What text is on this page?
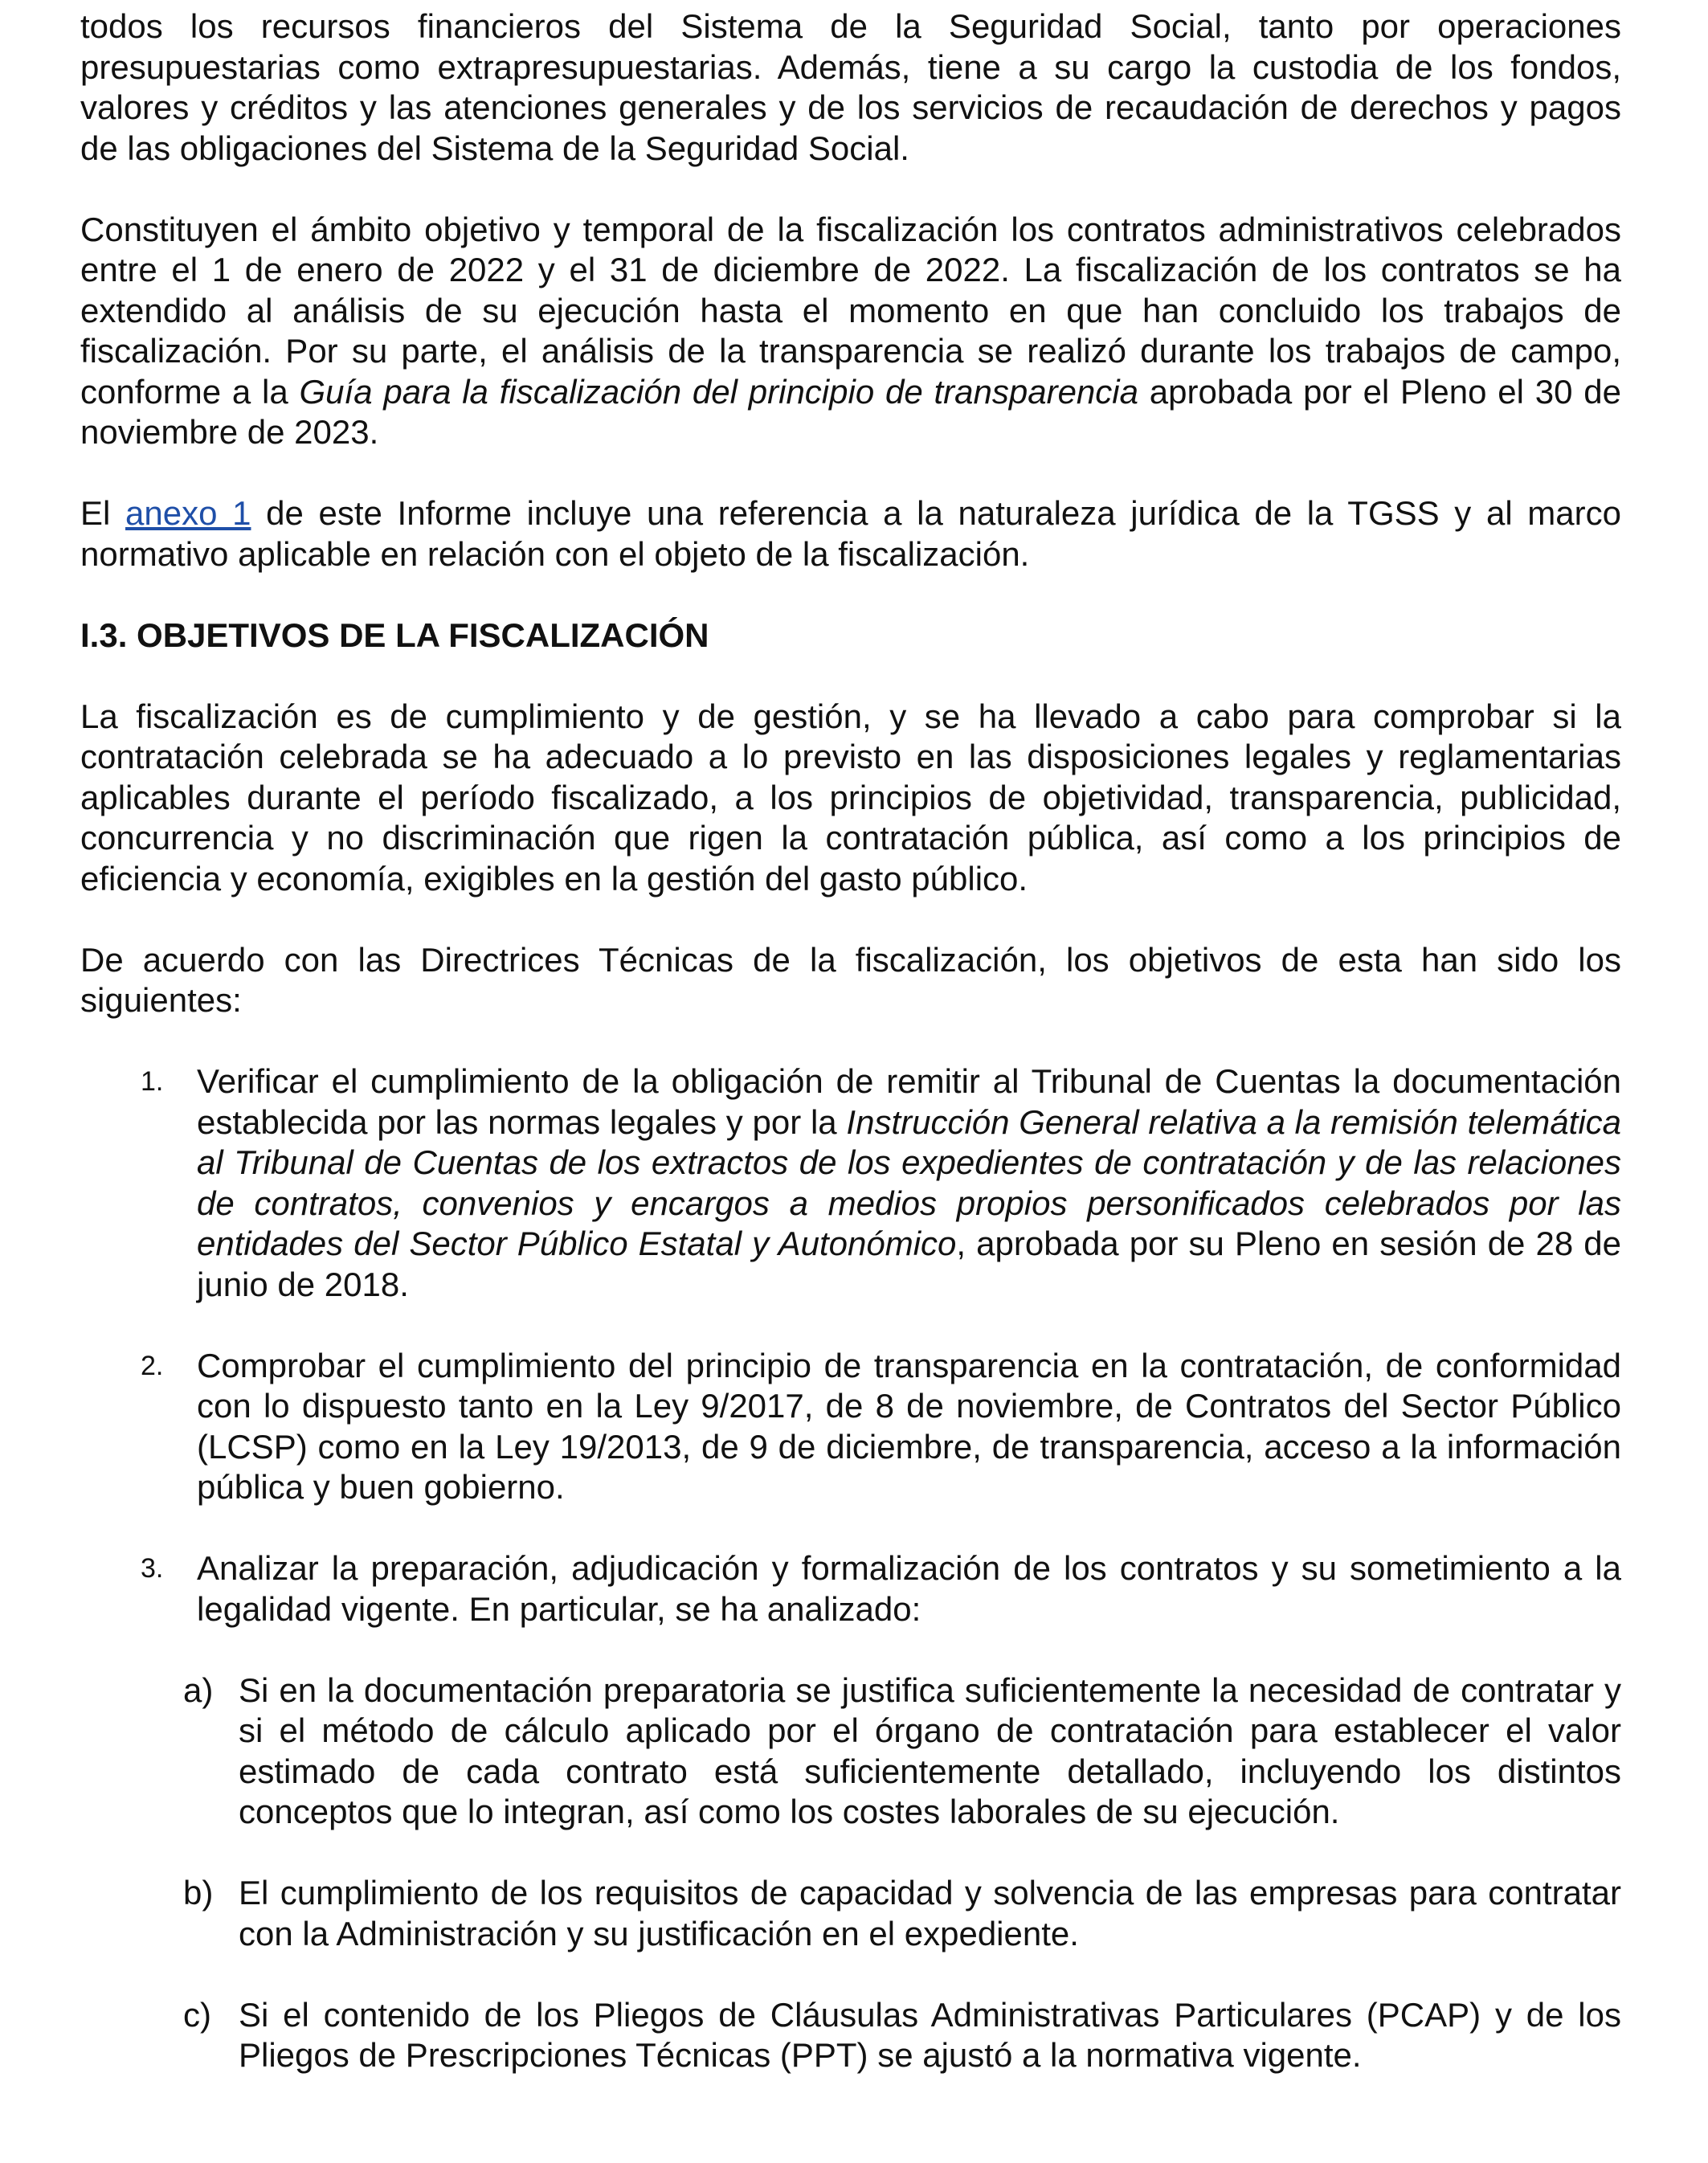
todos los recursos financieros del Sistema de la Seguridad Social, tanto por operaciones presupuestarias como extrapresupuestarias. Además, tiene a su cargo la custodia de los fondos, valores y créditos y las atenciones generales y de los servicios de recaudación de derechos y pagos de las obligaciones del Sistema de la Seguridad Social.

Constituyen el ámbito objetivo y temporal de la fiscalización los contratos administrativos celebrados entre el 1 de enero de 2022 y el 31 de diciembre de 2022. La fiscalización de los contratos se ha extendido al análisis de su ejecución hasta el momento en que han concluido los trabajos de fiscalización. Por su parte, el análisis de la transparencia se realizó durante los trabajos de campo, conforme a la Guía para la fiscalización del principio de transparencia aprobada por el Pleno el 30 de noviembre de 2023.

El anexo 1 de este Informe incluye una referencia a la naturaleza jurídica de la TGSS y al marco normativo aplicable en relación con el objeto de la fiscalización.

I.3. OBJETIVOS DE LA FISCALIZACIÓN

La fiscalización es de cumplimiento y de gestión, y se ha llevado a cabo para comprobar si la contratación celebrada se ha adecuado a lo previsto en las disposiciones legales y reglamentarias aplicables durante el período fiscalizado, a los principios de objetividad, transparencia, publicidad, concurrencia y no discriminación que rigen la contratación pública, así como a los principios de eficiencia y economía, exigibles en la gestión del gasto público.

De acuerdo con las Directrices Técnicas de la fiscalización, los objetivos de esta han sido los siguientes:

1. Verificar el cumplimiento de la obligación de remitir al Tribunal de Cuentas la documentación establecida por las normas legales y por la Instrucción General relativa a la remisión telemática al Tribunal de Cuentas de los extractos de los expedientes de contratación y de las relaciones de contratos, convenios y encargos a medios propios personificados celebrados por las entidades del Sector Público Estatal y Autonómico, aprobada por su Pleno en sesión de 28 de junio de 2018.
2. Comprobar el cumplimiento del principio de transparencia en la contratación, de conformidad con lo dispuesto tanto en la Ley 9/2017, de 8 de noviembre, de Contratos del Sector Público (LCSP) como en la Ley 19/2013, de 9 de diciembre, de transparencia, acceso a la información pública y buen gobierno.
3. Analizar la preparación, adjudicación y formalización de los contratos y su sometimiento a la legalidad vigente. En particular, se ha analizado:
a) Si en la documentación preparatoria se justifica suficientemente la necesidad de contratar y si el método de cálculo aplicado por el órgano de contratación para establecer el valor estimado de cada contrato está suficientemente detallado, incluyendo los distintos conceptos que lo integran, así como los costes laborales de su ejecución.
b) El cumplimiento de los requisitos de capacidad y solvencia de las empresas para contratar con la Administración y su justificación en el expediente.
c) Si el contenido de los Pliegos de Cláusulas Administrativas Particulares (PCAP) y de los Pliegos de Prescripciones Técnicas (PPT) se ajustó a la normativa vigente.
